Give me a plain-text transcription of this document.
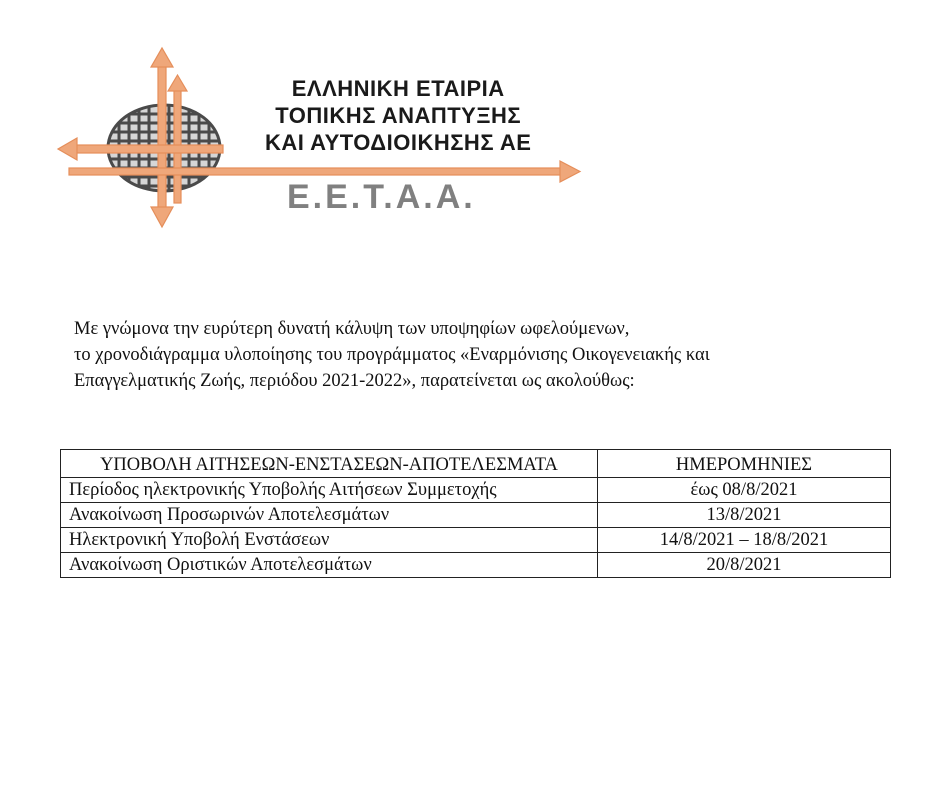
ΕΛΛΗΝΙΚΗ ΕΤΑΙΡΙΑ
ΤΟΠΙΚΗΣ ΑΝΑΠΤΥΞΗΣ
ΚΑΙ ΑΥΤΟΔΙΟΙΚΗΣΗΣ ΑΕ
Ε.Ε.Τ.Α.Α.

Με γνώμονα την ευρύτερη δυνατή κάλυψη των υποψηφίων ωφελούμενων,

το χρονοδιάγραμμα υλοποίησης του προγράμματος «Εναρμόνισης Οικογενειακής και

Επαγγελματικής Ζωής, περιόδου 2021-2022», παρατείνεται ως ακολούθως:

ΥΠΟΒΟΛΗ ΑΙΤΗΣΕΩΝ-ΕΝΣΤΑΣΕΩΝ-ΑΠΟΤΕΛΕΣΜΑΤΑ	ΗΜΕΡΟΜΗΝΙΕΣ
Περίοδος ηλεκτρονικής Υποβολής Αιτήσεων Συμμετοχής	έως 08/8/2021
Ανακοίνωση Προσωρινών Αποτελεσμάτων	13/8/2021
Ηλεκτρονική Υποβολή Ενστάσεων	14/8/2021 – 18/8/2021
Ανακοίνωση Οριστικών Αποτελεσμάτων	20/8/2021
